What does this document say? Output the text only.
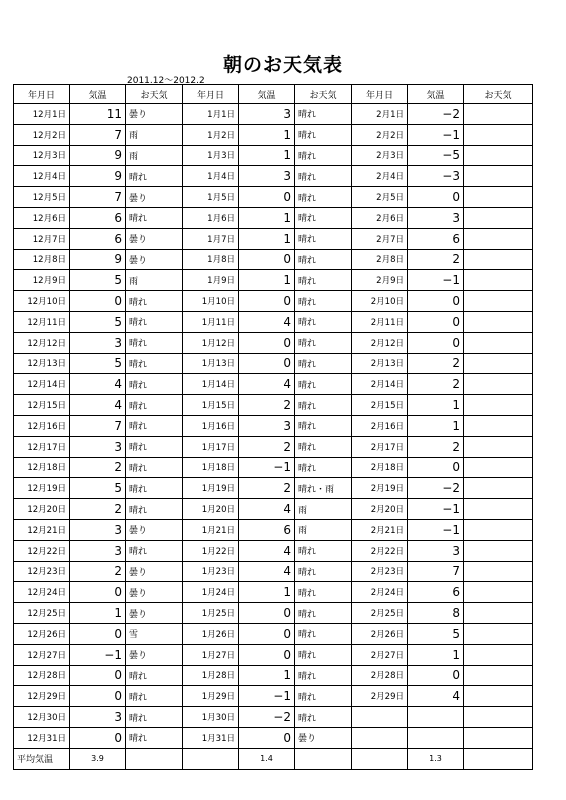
朝のお天気表
2011.12～2012.2
年月日	気温	お天気	年月日	気温	お天気	年月日	気温	お天気
12月1日	11	曇り	1月1日	3	晴れ	2月1日	−2	
12月2日	7	雨	1月2日	1	晴れ	2月2日	−1	
12月3日	9	雨	1月3日	1	晴れ	2月3日	−5	
12月4日	9	晴れ	1月4日	3	晴れ	2月4日	−3	
12月5日	7	曇り	1月5日	0	晴れ	2月5日	0	
12月6日	6	晴れ	1月6日	1	晴れ	2月6日	3	
12月7日	6	曇り	1月7日	1	晴れ	2月7日	6	
12月8日	9	曇り	1月8日	0	晴れ	2月8日	2	
12月9日	5	雨	1月9日	1	晴れ	2月9日	−1	
12月10日	0	晴れ	1月10日	0	晴れ	2月10日	0	
12月11日	5	晴れ	1月11日	4	晴れ	2月11日	0	
12月12日	3	晴れ	1月12日	0	晴れ	2月12日	0	
12月13日	5	晴れ	1月13日	0	晴れ	2月13日	2	
12月14日	4	晴れ	1月14日	4	晴れ	2月14日	2	
12月15日	4	晴れ	1月15日	2	晴れ	2月15日	1	
12月16日	7	晴れ	1月16日	3	晴れ	2月16日	1	
12月17日	3	晴れ	1月17日	2	晴れ	2月17日	2	
12月18日	2	晴れ	1月18日	−1	晴れ	2月18日	0	
12月19日	5	晴れ	1月19日	2	晴れ・雨	2月19日	−2	
12月20日	2	晴れ	1月20日	4	雨	2月20日	−1	
12月21日	3	曇り	1月21日	6	雨	2月21日	−1	
12月22日	3	晴れ	1月22日	4	晴れ	2月22日	3	
12月23日	2	曇り	1月23日	4	晴れ	2月23日	7	
12月24日	0	曇り	1月24日	1	晴れ	2月24日	6	
12月25日	1	曇り	1月25日	0	晴れ	2月25日	8	
12月26日	0	雪	1月26日	0	晴れ	2月26日	5	
12月27日	−1	曇り	1月27日	0	晴れ	2月27日	1	
12月28日	0	晴れ	1月28日	1	晴れ	2月28日	0	
12月29日	0	晴れ	1月29日	−1	晴れ	2月29日	4	
12月30日	3	晴れ	1月30日	−2	晴れ			
12月31日	0	晴れ	1月31日	0	曇り			
平均気温	3.9			1.4			1.3	
